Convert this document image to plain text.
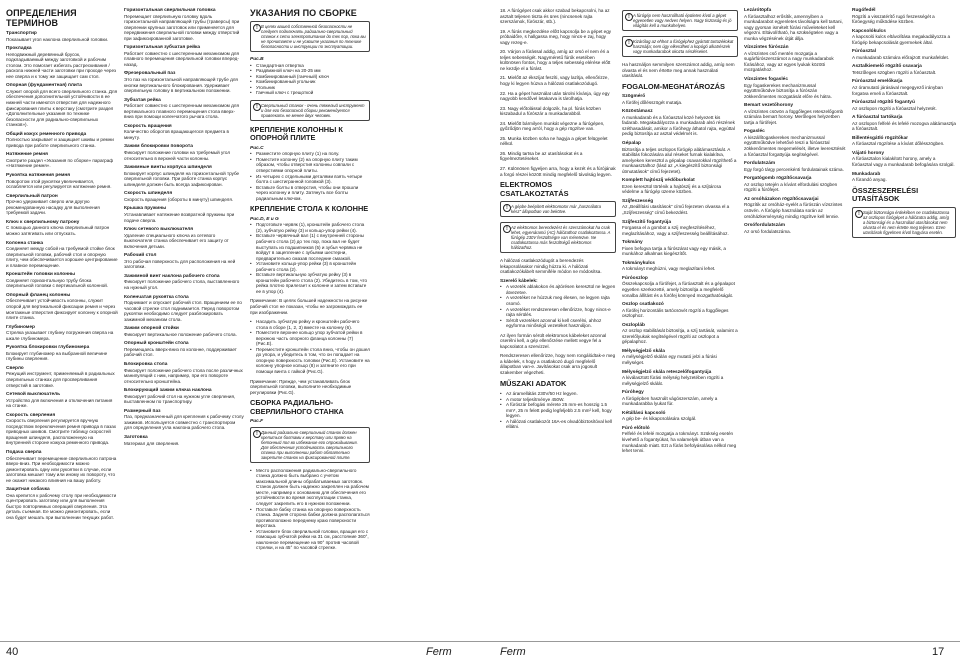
ОПРЕДЕЛЕНИЯ ТЕРМИНОВ

Транспортир
Показывает угол наклона сверлильной головки.

Прокладка
Неподвижный деревянный брусок, подкладываемый между заготовкой и рабочим столом. Это помогает избегать растрескивания / раскола нижней части заготовки при проходе через нее сверла и к тому же защищает сам стол.

Опорная (фундаментная) плита
Служит опорой для всего сверлильного станка. Для обеспечения дополнительной устойчивости в ее нижней части имеются отверстия для надежного фиксирования плиты к верстаку (смотрите раздел «Дополнительные указания по технике безопасности для радиально-сверлильных станков»).

Общий кожух ременного привода
Полностью закрывает и защищает шкивы и ремни привода при работе сверлильного станка.

Натяжение ремня
Смотрите раздел «Указания по сборке» параграф «Натяжение ремня».

Рукоятка натяжения ремня
Поворотом этой рукоятки увеличивается, ослабляется или регулируется натяжение ремня.

Сверлильный патрон
Прочно удерживает сверло или другую рекомендованную насадку для выполнения требуемой задачи.

Ключ к сверлильному патрону
С помощью данного ключа сверлильный патрон можно затягивать или отпускать.

Колонна станка
Соединяет между собой на требуемой стойке блок сверлильной головки, рабочий стол и опорную плиту, чем обеспечивается хорошее центрирование и плавное перемещение.

Кронштейн головки колонны
Соединяет горизонтальную трубу блока сверлильной головки с вертикальной колонной.

Опорный фланец колонны
Обеспечивает устойчивость колонны, служит опорой для вертикальной фиксации ремня и через монтажные отверстия фиксирует колонну к опорной плите станка.

Глубиномер
Стрелка указывает глубину погружения сверла на шкале глубиномера.

Рукоятка блокировки глубиномера
Блокирует глубиномер на выбранной величине глубины сверления.

Сверло
Режущий инструмент, применяемый в радиальных сверлильных станках для просверливания отверстий в заготовке.

Сетевой выключатель
Устройство для включения и отключения питания на станке.

Скорость сверления
Скорость сверления регулируется вручную посредством переключения ремня привода в пазах приводных шкивов. Смотрите таблицу скоростей вращения шпинделя, расположенную на внутренней стороне кожуха ременного привода.

Подача сверла
Обеспечивает перемещение сверлильного патрона вверх-вниз. При необходимости можно демонтировать одну или рукоятки в случае, если заготовка мешает тому или иному их повороту, что не окажет никакого влияния на вашу работу.

Защитная собачка
Она крепится к рабочему столу при необходимости сцентрировать заготовку или для выполнения быстро повторяемых операций сверления. Эта деталь съемная. Ее можно демонтировать, если она будет мешать при выполнении текущих работ.

Горизонтальная сверлильная головка
Перемещает сверлильную головку вдоль горизонтальной направляющей трубы (траверсы) при сверлении крупных заготовок или применяется для передвижения сверлильной головки между отверстий при зафиксированной заготовке.

Горизонтальная зубчатая рейка
Работает совместно с шестеренным механизмом для плавного перемещения сверлильной головки вперед-назад.

Фрезеровальный паз
Это паз на горизонтальной направляющей трубе для кнопки вертикального блокирования. Удерживает сверлильную головку в вертикальном положении.

Зубчатая рейка
Работает совместно с шестеренным механизмом для вертикального плавного перемещения стола вверх-вниз при помощи коленчатого рычага стола.

Скорость вращения
Количество оборотов вращающегося предмета в минуту.

Зажим блокировки поворота
Фиксирует положение головки на требуемый угол относительно в верхней части колонны.

Зажимные винты корпуса шпинделя
Блокирует корпус шпинделя на горизонтальной трубе сверлильной головки. При работе станка корпус шпинделя должен быть всегда зафиксирован.

Скорость шпинделя
Скорость вращения (обороты в минуту) шпинделя.

Крышка пружины
Устанавливает натяжение возвратной пружины при подаче сверла.

Ключ сетевого выключателя
Удаление специального ключа из сетевого выключателя станка обеспечивает его защиту от включения детьми.

Рабочий стол
Это рабочая поверхность для расположения на ней заготовки.

Зажимной винт наклона рабочего стола
Фиксирует положение рабочего стола, выставленного на нужный угол.

Коленчатая рукоятка стола
Поднимает и опускает рабочий стол. Вращением ее по часовой стрелке стол поднимается. Перед поворотом рукоятки необходимо следует разблокировать зажимной механизм стола.

Зажим опорной стойки
Фиксирует вертикальное положение рабочего стола.

Опорный кронштейн стола
Перемещаясь вверх-вниз по колонне, поддерживает рабочий стол.

Блокировка стола
Фиксирует положение рабочего стола после различных манипуляций с ним, например, при его повороте относительно кронштейна.

Блокирующий зажим ключа наклона
Фиксирует рабочий стол на нужном угле сверления, выставленном по транспортиру.

Размерный паз
Паз, предназначенный для крепления к рабочему столу зажимов. Используется совместно с транспортиром для определения угла наклона рабочего стола.

Заготовка
Материал для сверления.

УКАЗАНИЯ ПО СБОРКЕ
! В целях вашей собственной безопасности не следует подключать радиально-сверлильный станок к сети электропитания до тех пор, пока вы не прочитаете и не усвоите указания по технике безопасности и инструкции по эксплуатации.
Рис.B
• Стандартная отвертка
• Раздвижной ключ на 20-25 мм
• Комбинированный (гаечный) ключ
• Комбинированный угольник
• Угольник
• Гаечный ключ с трещоткой
! Сверлильный станок - очень тяжелый инструмент и для его безопасной сборки рекомендуется привлекать не менее двух человек.
КРЕПЛЕНИЕ КОЛОННЫ К ОПОРНОЙ ПЛИТЕ
Рис.C
• Разместите опорную плиту (1) на полу.
• Поместите колонну (2) на опорную плиту таким образом, чтобы отверстия колонны совпали с отверстиями опорной плиты.
• Из четырех с отдельными деталями взять четыре болта с шестигранной головкой (3).
• Вставьте болты в отверстия, чтобы они прошли через колонну и плиту. Затянуть все болты радиальным ключом.
КРЕПЛЕНИЕ СТОЛА К КОЛОННЕ
Рис.D, E и G
• Подготовьте червяк (1), кронштейн рабочего стола (2), зубчатую рейку (3) и кольцо-упор рейки (4).
• Вставьте червячный вал (1) с внутренней стороны рабочего стола (2) до тех пор, пока вал не будет выступать из подшипников (5) и зубья червяка не войдут в зацепление с зубьями шестерни, предварительно смазав последние смазкой.
• Установите кольцо-упор рейки (3) в кронштейн рабочего стола (2).
• Вставьте вертикальную зубчатую рейку (3) в кронштейн рабочего стола (2). Убедитесь в том, что рейка плотно прилегает к колонне и затем вставьте ее в упор (4).

Примечание: В целях большей надежности на рисунке рабочий стол не показан, чтобы не загромождать ее при изображении.

• Насадить зубчатую рейку и кронштейн рабочего стола в сборе (1, 2, 3) вместе на колонну (6).
• Поместите верхнее кольцо упор зубчатой рейки в верхнюю часть опорного фланца колонны (7) (Рис.E).
• Переместите кронштейн стола вниз, чтобы он дошел до упора, и убедитесь в том, что он попадает на опорную поверхность головки (Рис.E). Установите на колонну упорное кольцо (8) и затяните его при помощи винта с гайкой (Рис.G).

Примечание: Прежде, чем устанавливать блок сверлильной головки, выполните необходимые регулировки (Рис.G).

СБОРКА РАДИАЛЬНО-СВЕРЛИЛЬНОГО СТАНКА
Рис.F
! Данный радиально-сверлильный станок должен крепиться болтами к верстаку или прямо на бетонный пол во избежание его опрокидывания. Для обеспечения устойчивость сверлильного станка при выполнении работ обязательно закрепите станок на фиксированной плите.
• Место расположения радиально-сверлильного станка должно быть выбрано с учетом максимальной длины обрабатываемых заготовок. Станок должен быть надежно закреплен на рабочем месте, например к основанию для обеспечения его устойчивости во время эксплуатации станка, следует закрепить его в нужном положении.
• Поставьте бабку станка на опорную поверхность станка. Задняя сторона бабки должна располагаться противоположно переднему краю поверхности верстака.
• Установите блок сверлильной головки, вращая его с помощью зубчатой рейки на 31 см, расстояние 360°, наклонное перемещение на 90° против часовой стрелки, и на 45° по часовой стрелке.

18. A fúrógépet csak akkor szabad bekapcsolni, ha az asztalt teljesen tiszta és üres (nincsenek rajta szerszámok, fúrószár, stb.).

19. A fúrás megkezdése előtt kapcsolja be a gépet egy próbaidőre, s hallgassa meg, hogy nincs-e zaj, hogy vagy rezeg-e.

20. Várjon a fúrással addig, amíg az orsó el nem éri a teljes sebességét. Nagyméretű fúrók esetében különösen fontos, hogy a teljes sebesség elérése előtt ne kezdje el a fúrást.

21. Mielőtt az ékszíjat feszíti, vagy lazítja, ellenőrizze, hogy ki legyen húzva a hálózati csatlakozódugó.

22. Ha a gépet használat után tárolni kívánja, úgy egy nagyobb kendővel letakarva is tárolhatja.

23. Nagy előtolással dolgozik, ha pl. fúrás közben kiszabadul a fúrószár a munkadarabból.

24. Mielőtt bármilyen munkát végezne a fúrógépen, győződjön meg arról, hogy a gép rögzítve van.

25. Munka közben soha ne hagyja a gépet felügyelet nélkül.

26. Mindig tartsa be az utasításokat és a figyelmeztetéseket.

27. Különösen figyeljen arra, hogy a kezét és a fúrójának a forgó részei között mindig megfelelő távolság legyen.

ELEKTROMOS CSATLAKOZTATÁS
! A gépbe beépített elektromotor már „használatra kész” állapotban van bekötve.
! Az elektromos berendezést és szerszámokat ha csak lehet, egyenáramú (AC) hálózathoz csatlakoztassa. A fúrógép 230V feszültségre van méretezve. Ne csatlakoztassa más feszültségű elektromos hálózathoz.

A hálózati csatlakozódugót a berendezés lekapcsolásakor mindig húzza ki. A hálózati csatlakozókábelt semmiféle módon ne módosítsa.

Szerelő kábelek:
• A vezeték ablakokon és ajtórésen keresztül ne legyen átvezetve.
• A vezetéket ne húzzuk meg élesen, ne legyen rajta csomó.
• A vezetéket rendszeresen ellenőrizze, hogy nincs-e rajta sérülés.
• Sérült vezetéket azonnal ki kell cserélni, ahhoz egyforma minőségű vezetéket használjon.

Az ilyen formán sérült elektromos kábeleket azonnal cserélni kell, a gép ellenőrzése mellett vegye fel a kapcsolatot a szervizzel.

Rendszeresen ellenőrizze, hogy nem rongálódtak-e meg a kábelek, s hogy a csatlakozó dugó megfelelő állapotban van-e. Javításokat csak arra jogosult szakember végezheti.

MŰSZAKI ADATOK
• Az áramellátás 230V/50 Hz legyen.
• A motor teljesítménye 450W.
• A fúrószár befogási mérete 25 mm-es hosszig 1.5 mm*, 25 m felett pedig legfeljebb 2.5 mm² kell, hogy legyen.
• A hálózati csatlakozót 16A-es olvadóbiztosítóval kell ellátni.
! A fúrógép nem használható épületen kívül a gépet egyenetlen vagy nedves helyen. Nagy tisztaság és jó világítás kell a munkahelyen.
! Kizárólag az ehhez a fúrógéphez gyártott tartozékokat használja; nem úgy elkerülheti a kopógó alkatrészek vagy munkadarabok okozta sérüléseket.

Ha használjon semmilyen szerszámot addig, amíg nem olvasta el és nem értette meg annak használati utasítását.

FOGALOM-MEGHATÁROZÁS

Szögmérő
A fúrófej dőlésszögét mutatja.

Közöstámasz
A munkadarab és a fúróasztal közé helyezett kis fadarab. Megakadályozza a munkadarab alsó részének széthasadását, amikor a fúróhegy áthatol rajta, egyúttal pedig biztosítja az asztal védelmét is.

Gépalap
Biztosítja a teljes oszlopos fúrógép alátámasztását. A stabilitás fokozására alul réseket furnak kialakítva, amelyeken keresztül a gépalap csavarokkal rögzíthető a munkaasztalhoz (lásd az „A kiegészítő biztonsági útmutatások” című fejezetet).

Komplett hajtószíj védőburkolat
Ezen keresztül történik a hajtószíj és a szíjtárcsa védelme a fúrógép üzeme közben.

Szíjfeszesség
Az „Beállítási utasítások” című fejezeten olvassa el a „Szíjfeszesség” című bekezdést.

Szíjfeszítő fogantyúja
Forgassa el a gombot a szíj megfeszítéséhez, meglazításához, vagy a szíjfeszesség beállításához.

Tokmány
Fixen befogva tartja a fúrószárat vagy egy másik, a munkához alkalmas kiegészítőt.

Tokmánykulcs
A tokmányt meghúzni, vagy meglazítani lehet.

Fúróoszlop
Összekapcsolja a fúrófejet, a fúróasztalt és a gépalapot egyetlen szerkezetté, amely biztosítja a megfelelő vonalba állítást és a fúrófej könnyed mozgathatóságát.

Oszlop csatlakozó
A fúrófej horizontális tartócsövét rögzíti a függőleges oszlophoz.

Oszlopláb
Az oszlop stabilitását biztosítja, a szíj tartását, valamint a szerelőlyukak segítségével rögzíti az oszlopot a gépalaphoz.

Mélységjelző skála
A mélységjelző skálán egy mutató jelzi a fúrási mélységet.

Mélységjelző skála reteszelőfogantyúja
A kiválasztott fúrási mélység helyzetében rögzíti a mélységjelző skálát.

Fúróhegy
A fúrógépben használt vágószerszám, amely a munkadarabba lyukat fúr.

Kétállású kapcsoló
A gép be- és kikapcsolására szolgál.

Fúró előtoló
Felfelé és lefelé mozgatja a tokmányt. Szükség esetén kivehető a fogantyúkat, ha valamelyik útban van a munkadarab miatt. Ezt a fúrás befolyásolása nélkül meg lehet tenni.

Lezárótöpfa
A fúróasztalhoz erősítik, amennyiben a munkadarabot egyenletes távolságra kell tartani, vagy gyorsan ismételt fúrási műveleteket kell végezni. Eltávolítható, ha szükségtelen vagy a munka végzésének útját állja.

Vízszintes fúrószán
A vízszintes cső mentén mozgatja a sugárfúrószerszámot a nagy munkadarabok fúrásához, vagy az egyes lyukak közötti mozgatáshoz.

Vízszintes fogasléc
Egy fogaskerekes mechanizmussal együttműködve biztosítja a fúrószán zökkenőmentes mozgatását előre és hátra.

Bemart vezetőhorony
A vízszintes csövön a függőleges reteszelőgomb számára bemart horony. Merőleges helyzetben tartja a fúrófejet.

Fogasléc
A kiszállítogaskerekes mechanizmussal együttműködve lehetővé teszi a fúróasztal zökkenőmentes megemelését, illetve leeresztését a fúróasztal forgattyúja segítségével.

Fordulatszám
Egy forgó tárgy percenkénti fordulatainak száma.

Forgatógomb rögzítőcsavarja
Az oszlop tetején a kívánt elfordulási szögben rögzíti a fúrófejet.

Az orsóházakon rögzítőcsavarjai
Rögzítik az orsóház-nyelét a fúrószán vízszintes csövén. A fúrógép használata során az orsóházkeménység mindig rögzítve kell lennie.

Orsófordulatszám
Az orsó fordulatszáma.

Rugófedél
Rögzíti a visszatérítő rugó feszességét a fúróegység működése közben.

Kapcsolókulcs
A kapcsoló kulcs eltávolítása megakadályozza a fúrógép bekapcsolását gyermekek által.

Fúróasztal
A munkadarab számára előrajzott munkafelület.

Asztalkiemelő rögzítő csavarja
Tetszőleges szögben rögzíti a fúróasztalt.

Fúróasztal emelőkarja
Az óramutató járásával megegyező irányban forgatva emeli a fúróasztalt.

Fúróasztal rögzítő fogantyú
Az oszlopon rögzíti a fúróasztal helyzetét.

A fúróasztal tartókarja
Az oszlopon felfelé és lefelé mozogva alátámasztja a fúróasztalt.

Billentésgátló rögzítőkar
A fúróasztal rögzítése a kívánt dőlésszögben.

Vájató horony
A fúróasztalon kialakított horony, amely a fúróasztal vagy a munkadarab befogására szolgál.

Munkadarab
A fúrandó anyag.

ÖSSZESZERELÉSI UTASÍTÁSOK
! Saját biztonsága érdekében ne csatlakoztassa az oszlopos fúrógépet a hálózatra addig, amíg a biztonsági és a használati utasításokat nem olvasta el és nem értette meg teljesen. Ezen utasítások figyelmen kívül hagyása esetén.
40	Ferm	Ferm	17
